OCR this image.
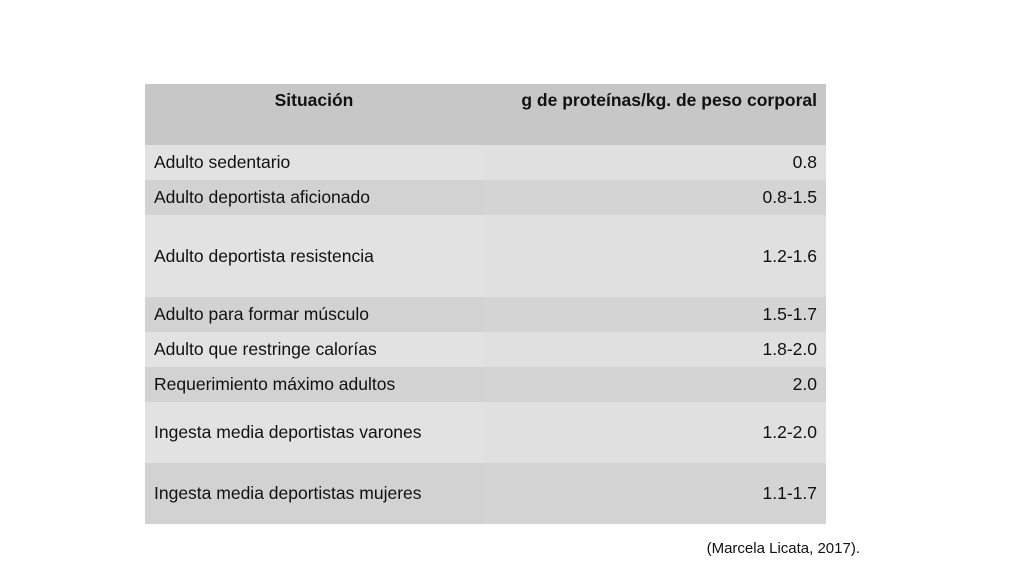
Situación	g de proteínas/kg. de peso corporal
Adulto sedentario	0.8
Adulto deportista aficionado	0.8-1.5
Adulto deportista resistencia	1.2-1.6
Adulto para formar músculo	1.5-1.7
Adulto que restringe calorías	1.8-2.0
Requerimiento máximo adultos	2.0
Ingesta media deportistas varones	1.2-2.0
Ingesta media deportistas mujeres	1.1-1.7
(Marcela Licata, 2017).
